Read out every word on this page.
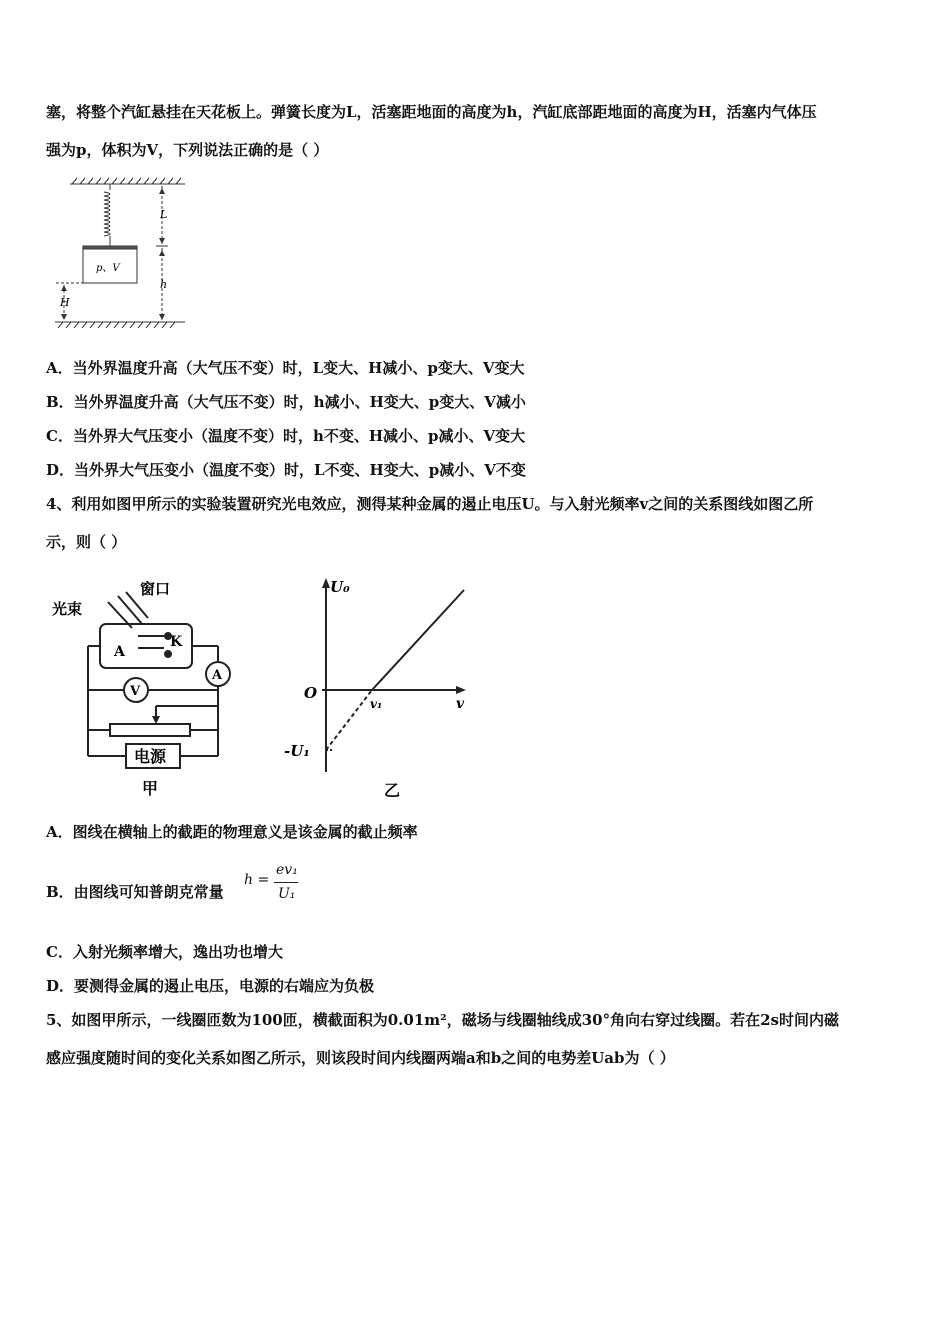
塞，将整个汽缸悬挂在天花板上。弹簧长度为L，活塞距地面的高度为h，汽缸底部距地面的高度为H，活塞内气体压
强为p，体积为V，下列说法正确的是（ ）
L
h
H
p、V
A．当外界温度升高（大气压不变）时，L变大、H减小、p变大、V变大
B．当外界温度升高（大气压不变）时，h减小、H变大、p变大、V减小
C．当外界大气压变小（温度不变）时，h不变、H减小、p减小、V变大
D．当外界大气压变小（温度不变）时，L不变、H变大、p减小、V不变
4、利用如图甲所示的实验装置研究光电效应，测得某种金属的遏止电压U。与入射光频率v之间的关系图线如图乙所
示，则（ ）
窗口
光束
A
K
A
V
电源
甲
U₀
O
v₁	v
-U₁
乙
A．图线在横轴上的截距的物理意义是该金属的截止频率
B．由图线可知普朗克常量
h =
ev₁
U₁
C．入射光频率增大，逸出功也增大
D．要测得金属的遏止电压，电源的右端应为负极
5、如图甲所示，一线圈匝数为100匝，横截面积为0.01m²，磁场与线圈轴线成30°角向右穿过线圈。若在2s时间内磁
感应强度随时间的变化关系如图乙所示，则该段时间内线圈两端a和b之间的电势差Uab为（ ）
